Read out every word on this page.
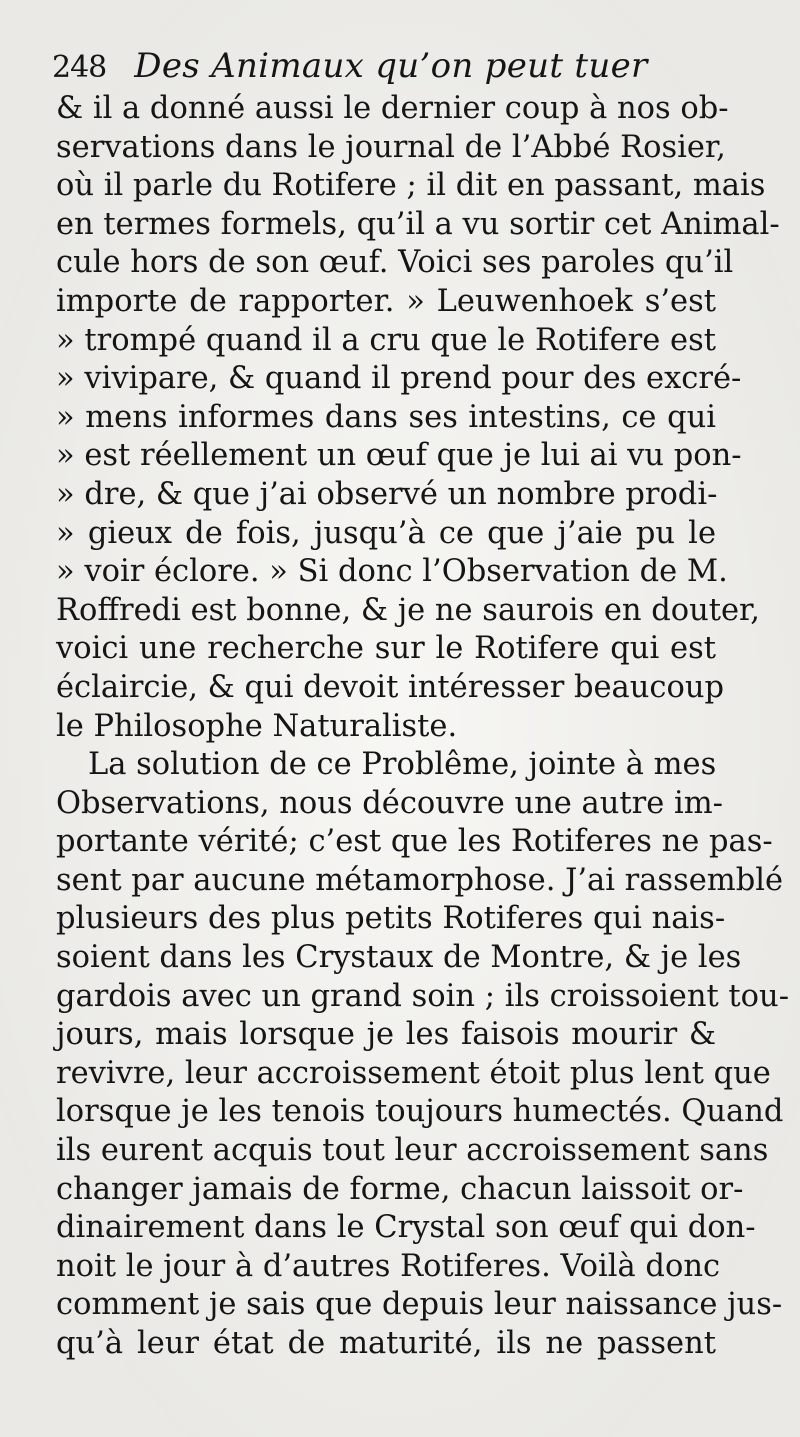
248 Des Animaux qu’on peut tuer
& il a donné aussi le dernier coup à nos ob-
servations dans le journal de l’Abbé Rosier,
où il parle du Rotifere ; il dit en passant, mais
en termes formels, qu’il a vu sortir cet Animal-
cule hors de son œuf. Voici ses paroles qu’il
importe de rapporter. » Leuwenhoek s’est
» trompé quand il a cru que le Rotifere est
» vivipare, & quand il prend pour des excré-
» mens informes dans ses intestins, ce qui
» est réellement un œuf que je lui ai vu pon-
» dre, & que j’ai observé un nombre prodi-
» gieux de fois, jusqu’à ce que j’aie pu le
» voir éclore. » Si donc l’Observation de M.
Roffredi est bonne, & je ne saurois en douter,
voici une recherche sur le Rotifere qui est
éclaircie, & qui devoit intéresser beaucoup
le Philosophe Naturaliste.
La solution de ce Problême, jointe à mes
Observations, nous découvre une autre im-
portante vérité; c’est que les Rotiferes ne pas-
sent par aucune métamorphose. J’ai rassemblé
plusieurs des plus petits Rotiferes qui nais-
soient dans les Crystaux de Montre, & je les
gardois avec un grand soin ; ils croissoient tou-
jours, mais lorsque je les faisois mourir &
revivre, leur accroissement étoit plus lent que
lorsque je les tenois toujours humectés. Quand
ils eurent acquis tout leur accroissement sans
changer jamais de forme, chacun laissoit or-
dinairement dans le Crystal son œuf qui don-
noit le jour à d’autres Rotiferes. Voilà donc
comment je sais que depuis leur naissance jus-
qu’à leur état de maturité, ils ne passent
